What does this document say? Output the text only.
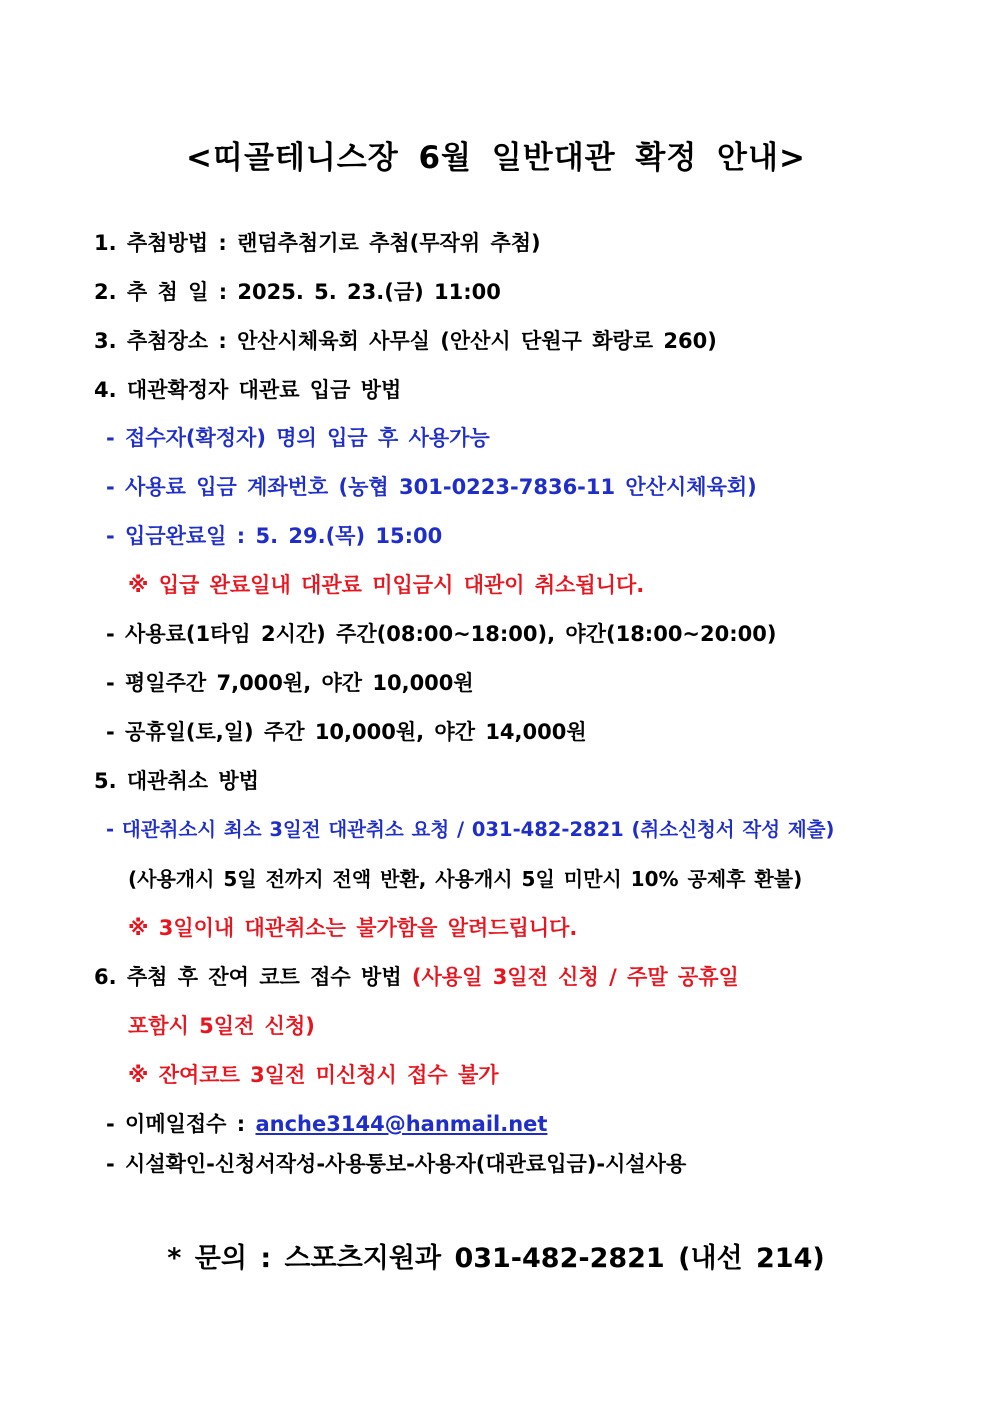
<띠골테니스장 6월 일반대관 확정 안내>
1. 추첨방법 : 랜덤추첨기로 추첨(무작위 추첨)
2. 추 첨 일 : 2025. 5. 23.(금) 11:00
3. 추첨장소 : 안산시체육회 사무실 (안산시 단원구 화랑로 260)
4. 대관확정자 대관료 입금 방법
- 접수자(확정자) 명의 입금 후 사용가능
- 사용료 입금 계좌번호 (농협 301-0223-7836-11 안산시체육회)
- 입금완료일 : 5. 29.(목) 15:00
※ 입급 완료일내 대관료 미입금시 대관이 취소됩니다.
- 사용료(1타임 2시간) 주간(08:00~18:00), 야간(18:00~20:00)
- 평일주간 7,000원, 야간 10,000원
- 공휴일(토,일) 주간 10,000원, 야간 14,000원
5. 대관취소 방법
- 대관취소시 최소 3일전 대관취소 요청 / 031-482-2821 (취소신청서 작성 제출)
(사용개시 5일 전까지 전액 반환, 사용개시 5일 미만시 10% 공제후 환불)
※ 3일이내 대관취소는 불가함을 알려드립니다.
6. 추첨 후 잔여 코트 접수 방법 (사용일 3일전 신청 / 주말 공휴일
포함시 5일전 신청)
※ 잔여코트 3일전 미신청시 접수 불가
- 이메일접수 : anche3144@hanmail.net
- 시설확인-신청서작성-사용통보-사용자(대관료입금)-시설사용
* 문의 : 스포츠지원과 031-482-2821 (내선 214)
